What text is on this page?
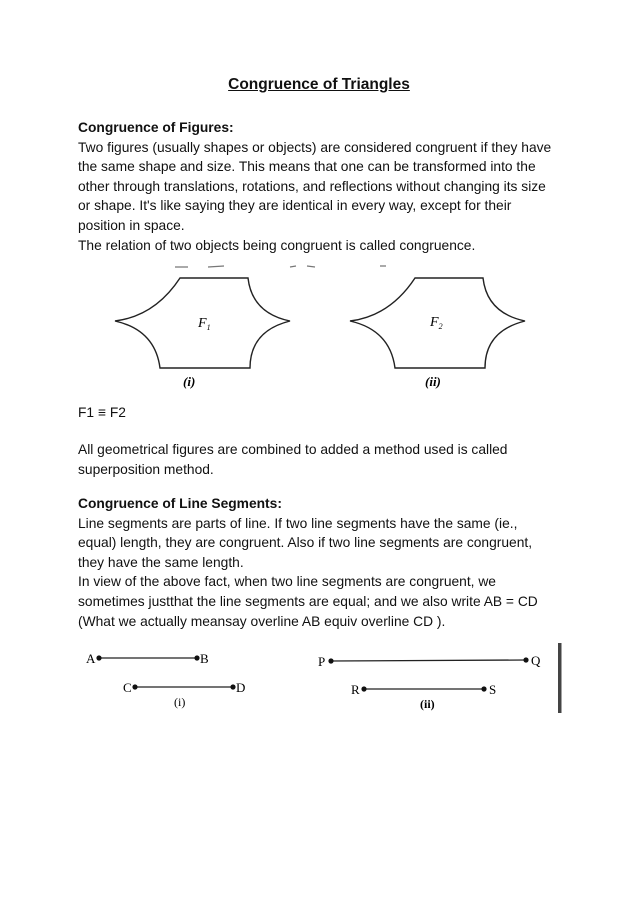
Congruence of Triangles
Congruence of Figures:
Two figures (usually shapes or objects) are considered congruent if they have
the same shape and size. This means that one can be transformed into the
other through translations, rotations, and reflections without changing its size
or shape. It's like saying they are identical in every way, except for their
position in space.
The relation of two objects being congruent is called congruence.
$F_1$	$F_2$
(i)	(ii)
F1 ≡ F2
All geometrical figures are combined to added a method used is called
superposition method.
Congruence of Line Segments:
Line segments are parts of line. If two line segments have the same (ie.,
equal) length, they are congruent. Also if two line segments are congruent,
they have the same length.
In view of the above fact, when two line segments are congruent, we
sometimes justthat the line segments are equal; and we also write AB = CD
(What we actually meansay overline AB equiv overline CD ).
A	B
C	D
(i)
P	Q
R	S
(ii)
